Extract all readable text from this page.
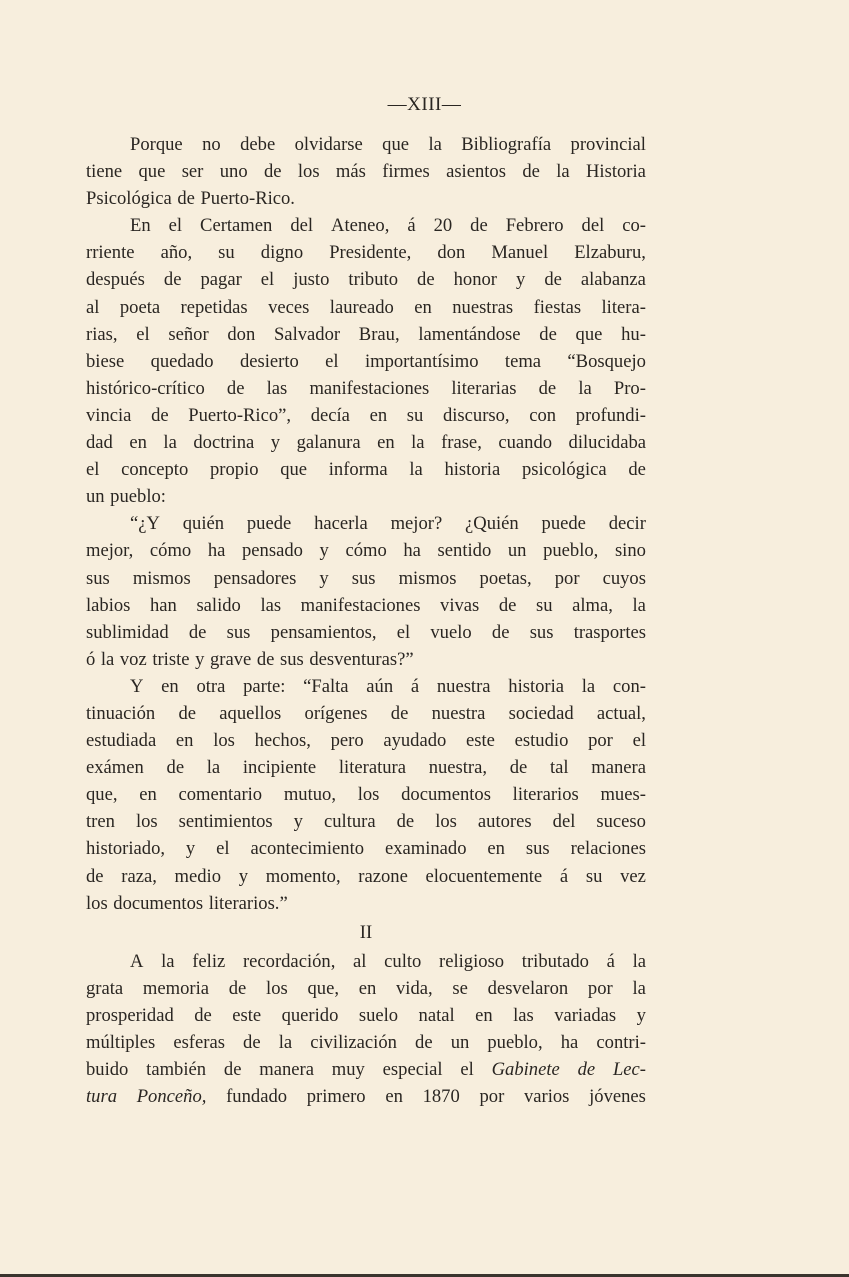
—XIII—
Porque no debe olvidarse que la Bibliografía provincial
tiene que ser uno de los más firmes asientos de la Historia
Psicológica de Puerto-Rico.
En el Certamen del Ateneo, á 20 de Febrero del co-
rriente año, su digno Presidente, don Manuel Elzaburu,
después de pagar el justo tributo de honor y de alabanza
al poeta repetidas veces laureado en nuestras fiestas litera-
rias, el señor don Salvador Brau, lamentándose de que hu-
biese quedado desierto el importantísimo tema “Bosquejo
histórico-crítico de las manifestaciones literarias de la Pro-
vincia de Puerto-Rico”, decía en su discurso, con profundi-
dad en la doctrina y galanura en la frase, cuando dilucidaba
el concepto propio que informa la historia psicológica de
un pueblo:
“¿Y quién puede hacerla mejor? ¿Quién puede decir
mejor, cómo ha pensado y cómo ha sentido un pueblo, sino
sus mismos pensadores y sus mismos poetas, por cuyos
labios han salido las manifestaciones vivas de su alma, la
sublimidad de sus pensamientos, el vuelo de sus trasportes
ó la voz triste y grave de sus desventuras?”
Y en otra parte: “Falta aún á nuestra historia la con-
tinuación de aquellos orígenes de nuestra sociedad actual,
estudiada en los hechos, pero ayudado este estudio por el
exámen de la incipiente literatura nuestra, de tal manera
que, en comentario mutuo, los documentos literarios mues-
tren los sentimientos y cultura de los autores del suceso
historiado, y el acontecimiento examinado en sus relaciones
de raza, medio y momento, razone elocuentemente á su vez
los documentos literarios.”
II
A la feliz recordación, al culto religioso tributado á la
grata memoria de los que, en vida, se desvelaron por la
prosperidad de este querido suelo natal en las variadas y
múltiples esferas de la civilización de un pueblo, ha contri-
buido también de manera muy especial el Gabinete de Lec-
tura Ponceño, fundado primero en 1870 por varios jóvenes
